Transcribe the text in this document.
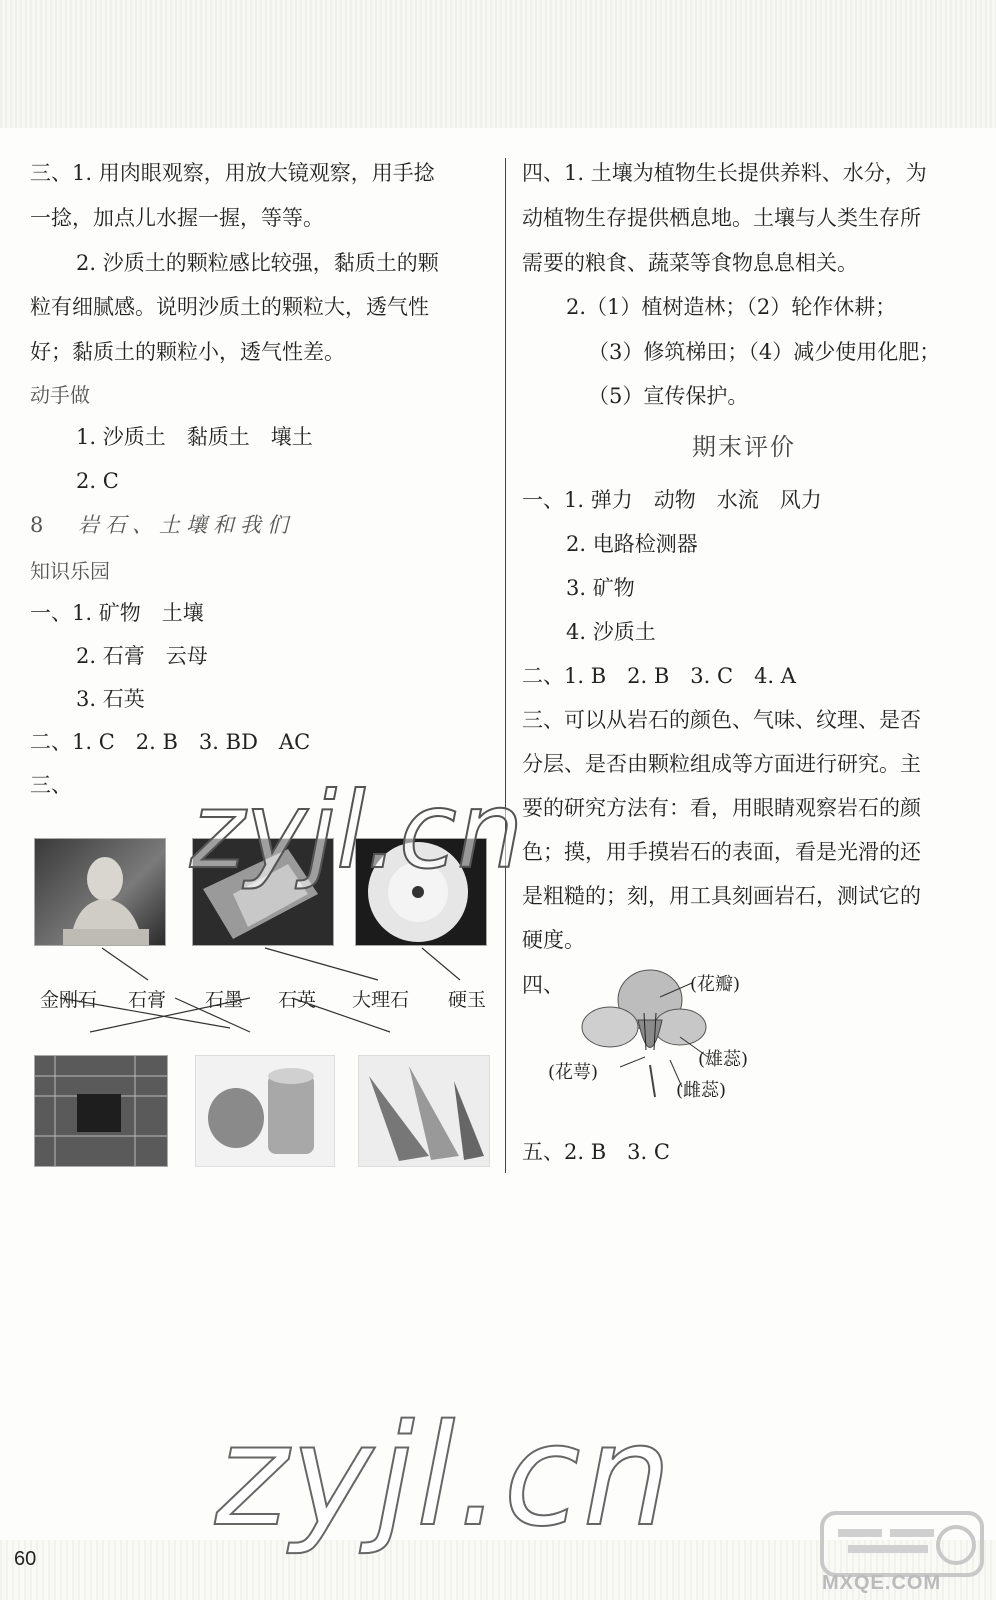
三、1. 用肉眼观察，用放大镜观察，用手捻
一捻，加点儿水握一握，等等。
2. 沙质土的颗粒感比较强，黏质土的颗
粒有细腻感。说明沙质土的颗粒大，透气性
好；黏质土的颗粒小，透气性差。
动手做
1. 沙质土　黏质土　壤土
2. C
8 岩石、土壤和我们
知识乐园
一、1. 矿物　土壤
2. 石膏　云母
3. 石英
二、1. C　2. B　3. BD　AC
三、
金刚石 石膏 石墨 石英 大理石 硬玉
四、1. 土壤为植物生长提供养料、水分，为
动植物生存提供栖息地。土壤与人类生存所
需要的粮食、蔬菜等食物息息相关。
2.（1）植树造林；（2）轮作休耕；
（3）修筑梯田；（4）减少使用化肥；
（5）宣传保护。
期末评价
一、1. 弹力　动物　水流　风力
2. 电路检测器
3. 矿物
4. 沙质土
二、1. B　2. B　3. C　4. A
三、可以从岩石的颜色、气味、纹理、是否
分层、是否由颗粒组成等方面进行研究。主
要的研究方法有：看，用眼睛观察岩石的颜
色；摸，用手摸岩石的表面，看是光滑的还
是粗糙的；刻，用工具刻画岩石，测试它的
硬度。
四、	(花瓣)
(雄蕊)
(花萼)
(雌蕊)
五、2. B　3. C
zyjl.cn
zyjl.cn
60
MXQE.COM
